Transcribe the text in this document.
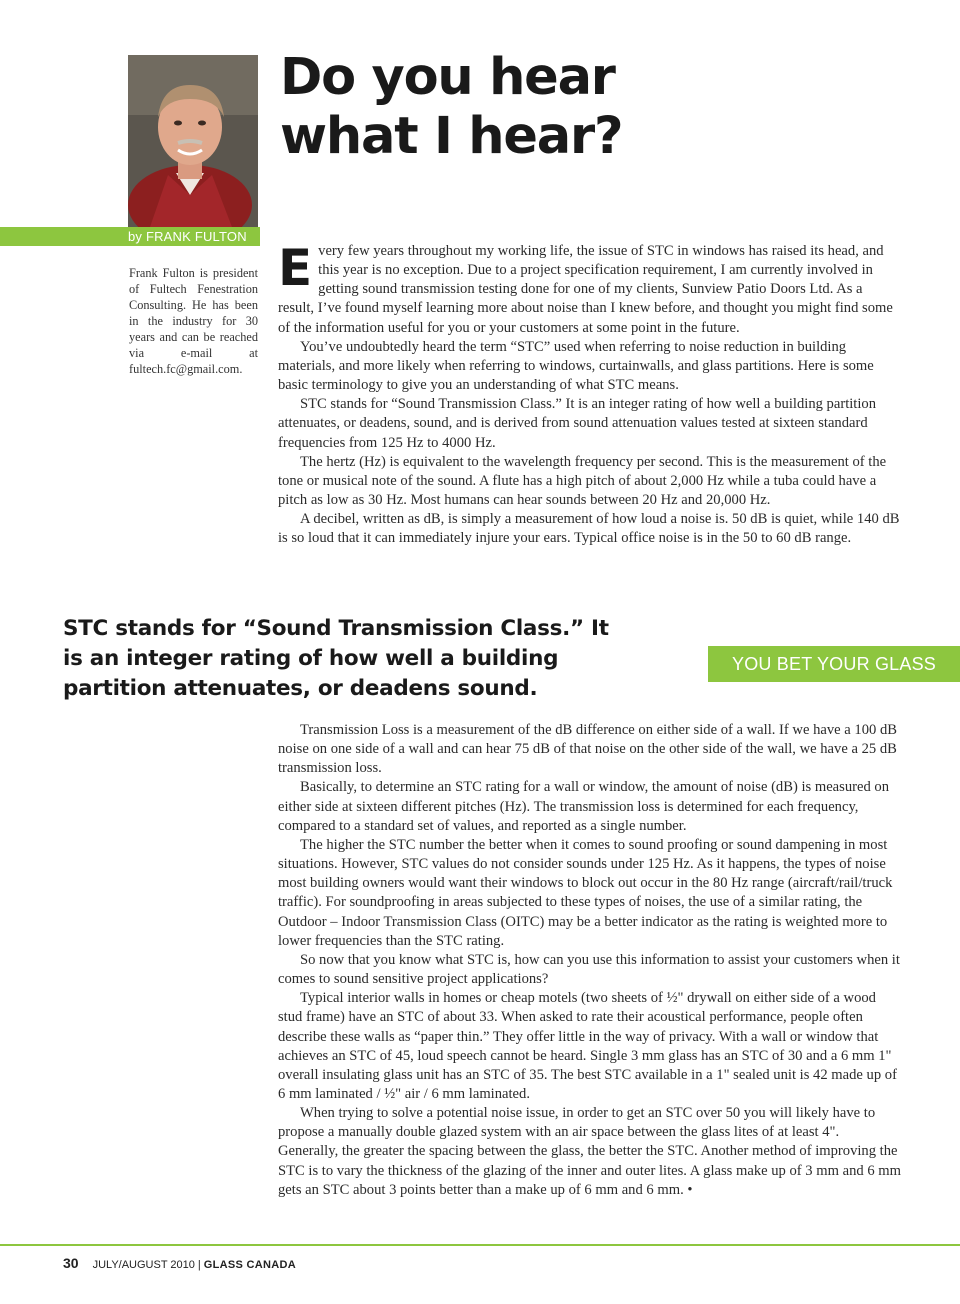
by FRANK FULTON
Frank Fulton is president of Fultech Fenestration Consulting. He has been in the industry for 30 years and can be reached via e-mail at fultech.fc@gmail.com.
Do you hear what I hear?

Every few years throughout my working life, the issue of STC in windows has raised its head, and this year is no exception. Due to a project specification requirement, I am currently involved in getting sound transmission testing done for one of my clients, Sunview Patio Doors Ltd. As a result, I’ve found myself learning more about noise than I knew before, and thought you might find some of the information useful for you or your customers at some point in the future.

You’ve undoubtedly heard the term “STC” used when referring to noise reduction in building materials, and more likely when referring to windows, curtainwalls, and glass partitions. Here is some basic terminology to give you an understanding of what STC means.

STC stands for “Sound Transmission Class.” It is an integer rating of how well a building partition attenuates, or deadens, sound, and is derived from sound attenuation values tested at sixteen standard frequencies from 125 Hz to 4000 Hz.

The hertz (Hz) is equivalent to the wavelength frequency per second. This is the measurement of the tone or musical note of the sound. A flute has a high pitch of about 2,000 Hz while a tuba could have a pitch as low as 30 Hz. Most humans can hear sounds between 20 Hz and 20,000 Hz.

A decibel, written as dB, is simply a measurement of how loud a noise is. 50 dB is quiet, while 140 dB is so loud that it can immediately injure your ears. Typical office noise is in the 50 to 60 dB range.

STC stands for “Sound Transmission Class.” It is an integer rating of how well a building partition attenuates, or deadens sound.

YOU BET YOUR GLASS

Transmission Loss is a measurement of the dB difference on either side of a wall. If we have a 100 dB noise on one side of a wall and can hear 75 dB of that noise on the other side of the wall, we have a 25 dB transmission loss.

Basically, to determine an STC rating for a wall or window, the amount of noise (dB) is measured on either side at sixteen different pitches (Hz). The transmission loss is determined for each frequency, compared to a standard set of values, and reported as a single number.

The higher the STC number the better when it comes to sound proofing or sound dampening in most situations. However, STC values do not consider sounds under 125 Hz. As it happens, the types of noise most building owners would want their windows to block out occur in the 80 Hz range (aircraft/rail/truck traffic). For soundproofing in areas subjected to these types of noises, the use of a similar rating, the Outdoor – Indoor Transmission Class (OITC) may be a better indicator as the rating is weighted more to lower frequencies than the STC rating.

So now that you know what STC is, how can you use this information to assist your customers when it comes to sound sensitive project applications?

Typical interior walls in homes or cheap motels (two sheets of ½" drywall on either side of a wood stud frame) have an STC of about 33. When asked to rate their acoustical performance, people often describe these walls as “paper thin.” They offer little in the way of privacy. With a wall or window that achieves an STC of 45, loud speech cannot be heard. Single 3 mm glass has an STC of 30 and a 6 mm 1" overall insulating glass unit has an STC of 35. The best STC available in a 1" sealed unit is 42 made up of 6 mm laminated / ½" air / 6 mm laminated.

When trying to solve a potential noise issue, in order to get an STC over 50 you will likely have to propose a manually double glazed system with an air space between the glass lites of at least 4". Generally, the greater the spacing between the glass, the better the STC. Another method of improving the STC is to vary the thickness of the glazing of the inner and outer lites. A glass make up of 3 mm and 6 mm gets an STC about 3 points better than a make up of 6 mm and 6 mm. •

30 JULY/AUGUST 2010 | GLASS CANADA
